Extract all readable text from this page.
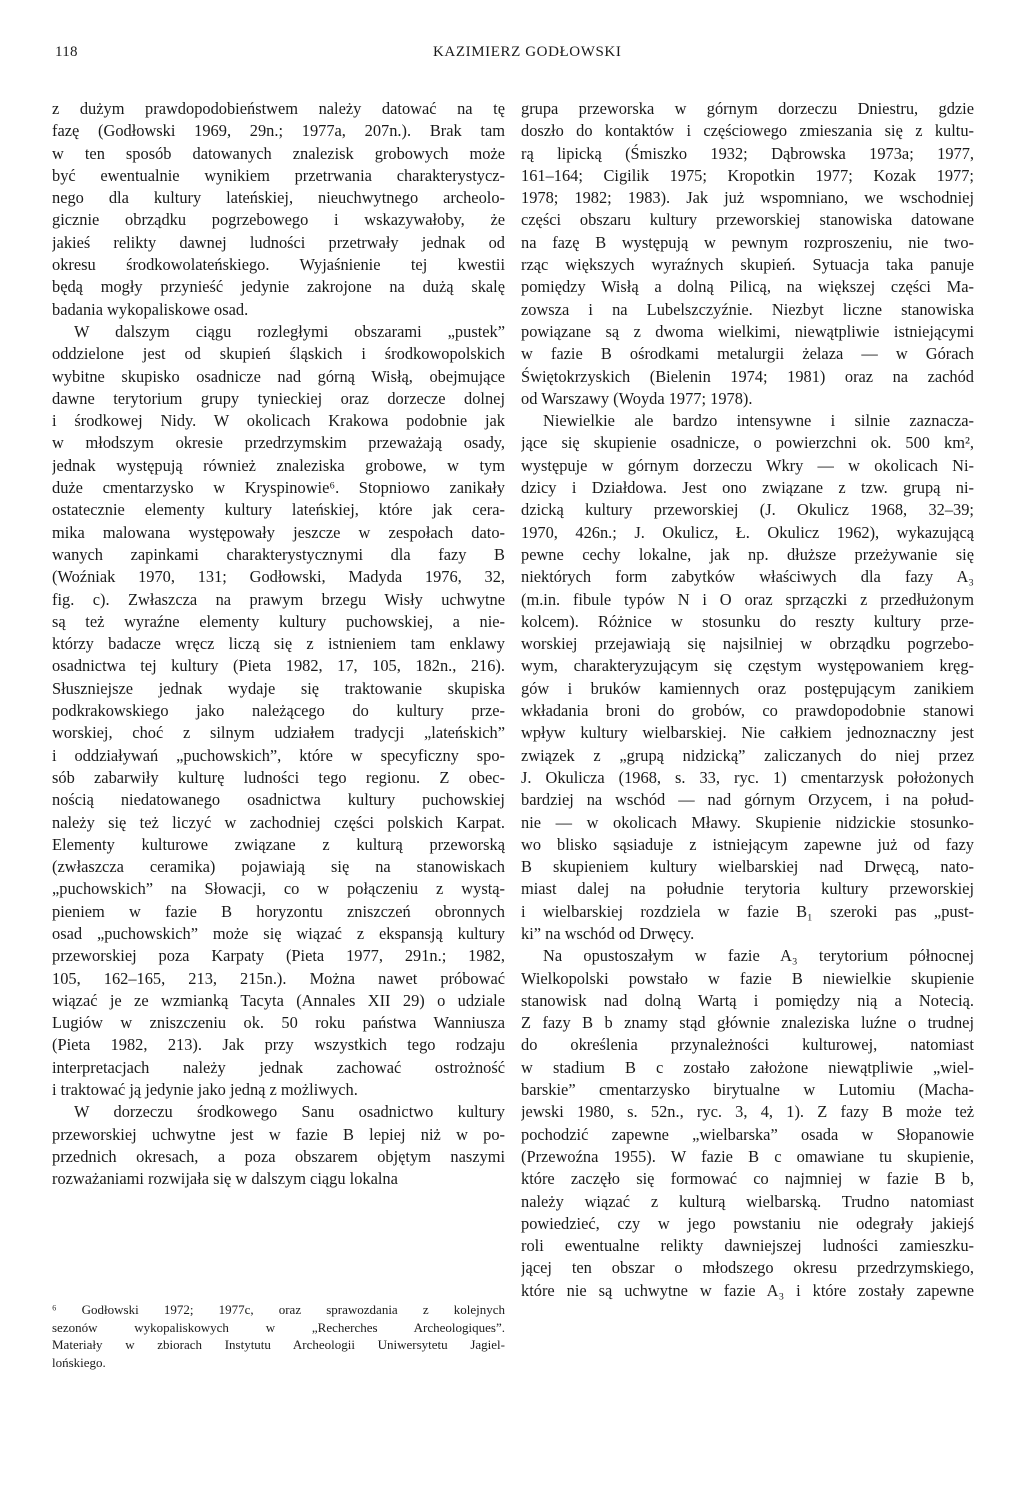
118	KAZIMIERZ GODŁOWSKI
z dużym prawdopodobieństwem należy datować na tę
fazę (Godłowski 1969, 29n.; 1977a, 207n.). Brak tam
w ten sposób datowanych znalezisk grobowych może
być ewentualnie wynikiem przetrwania charakterystycz-
nego dla kultury lateńskiej, nieuchwytnego archeolo-
gicznie obrządku pogrzebowego i wskazywałoby, że
jakieś relikty dawnej ludności przetrwały jednak od
okresu środkowolateńskiego. Wyjaśnienie tej kwestii
będą mogły przynieść jedynie zakrojone na dużą skalę
badania wykopaliskowe osad.
W dalszym ciągu rozległymi obszarami „pustek”
oddzielone jest od skupień śląskich i środkowopolskich
wybitne skupisko osadnicze nad górną Wisłą, obejmujące
dawne terytorium grupy tynieckiej oraz dorzecze dolnej
i środkowej Nidy. W okolicach Krakowa podobnie jak
w młodszym okresie przedrzymskim przeważają osady,
jednak występują również znaleziska grobowe, w tym
duże cmentarzysko w Kryspinowie⁶. Stopniowo zanikały
ostatecznie elementy kultury lateńskiej, które jak cera-
mika malowana występowały jeszcze w zespołach dato-
wanych zapinkami charakterystycznymi dla fazy B
(Woźniak 1970, 131; Godłowski, Madyda 1976, 32,
fig. c). Zwłaszcza na prawym brzegu Wisły uchwytne
są też wyraźne elementy kultury puchowskiej, a nie-
którzy badacze wręcz liczą się z istnieniem tam enklawy
osadnictwa tej kultury (Pieta 1982, 17, 105, 182n., 216).
Słuszniejsze jednak wydaje się traktowanie skupiska
podkrakowskiego jako należącego do kultury prze-
worskiej, choć z silnym udziałem tradycji „lateńskich”
i oddziaływań „puchowskich”, które w specyficzny spo-
sób zabarwiły kulturę ludności tego regionu. Z obec-
nością niedatowanego osadnictwa kultury puchowskiej
należy się też liczyć w zachodniej części polskich Karpat.
Elementy kulturowe związane z kulturą przeworską
(zwłaszcza ceramika) pojawiają się na stanowiskach
„puchowskich” na Słowacji, co w połączeniu z wystą-
pieniem w fazie B horyzontu zniszczeń obronnych
osad „puchowskich” może się wiązać z ekspansją kultury
przeworskiej poza Karpaty (Pieta 1977, 291n.; 1982,
105, 162–165, 213, 215n.). Można nawet próbować
wiązać je ze wzmianką Tacyta (Annales XII 29) o udziale
Lugiów w zniszczeniu ok. 50 roku państwa Wanniusza
(Pieta 1982, 213). Jak przy wszystkich tego rodzaju
interpretacjach należy jednak zachować ostrożność
i traktować ją jedynie jako jedną z możliwych.
W dorzeczu środkowego Sanu osadnictwo kultury
przeworskiej uchwytne jest w fazie B lepiej niż w po-
przednich okresach, a poza obszarem objętym naszymi
rozważaniami rozwijała się w dalszym ciągu lokalna
grupa przeworska w górnym dorzeczu Dniestru, gdzie
doszło do kontaktów i częściowego zmieszania się z kultu-
rą lipicką (Śmiszko 1932; Dąbrowska 1973a; 1977,
161–164; Cigilik 1975; Kropotkin 1977; Kozak 1977;
1978; 1982; 1983). Jak już wspomniano, we wschodniej
części obszaru kultury przeworskiej stanowiska datowane
na fazę B występują w pewnym rozproszeniu, nie two-
rząc większych wyraźnych skupień. Sytuacja taka panuje
pomiędzy Wisłą a dolną Pilicą, na większej części Ma-
zowsza i na Lubelszczyźnie. Niezbyt liczne stanowiska
powiązane są z dwoma wielkimi, niewątpliwie istniejącymi
w fazie B ośrodkami metalurgii żelaza — w Górach
Świętokrzyskich (Bielenin 1974; 1981) oraz na zachód
od Warszawy (Woyda 1977; 1978).
Niewielkie ale bardzo intensywne i silnie zaznacza-
jące się skupienie osadnicze, o powierzchni ok. 500 km²,
występuje w górnym dorzeczu Wkry — w okolicach Ni-
dzicy i Działdowa. Jest ono związane z tzw. grupą ni-
dzicką kultury przeworskiej (J. Okulicz 1968, 32–39;
1970, 426n.; J. Okulicz, Ł. Okulicz 1962), wykazującą
pewne cechy lokalne, jak np. dłuższe przeżywanie się
niektórych form zabytków właściwych dla fazy A₃
(m.in. fibule typów N i O oraz sprzączki z przedłużonym
kolcem). Różnice w stosunku do reszty kultury prze-
worskiej przejawiają się najsilniej w obrządku pogrzebo-
wym, charakteryzującym się częstym występowaniem kręg-
gów i bruków kamiennych oraz postępującym zanikiem
wkładania broni do grobów, co prawdopodobnie stanowi
wpływ kultury wielbarskiej. Nie całkiem jednoznaczny jest
związek z „grupą nidzicką” zaliczanych do niej przez
J. Okulicza (1968, s. 33, ryc. 1) cmentarzysk położonych
bardziej na wschód — nad górnym Orzycem, i na połud-
nie — w okolicach Mławy. Skupienie nidzickie stosunko-
wo blisko sąsiaduje z istniejącym zapewne już od fazy
B skupieniem kultury wielbarskiej nad Drwęcą, nato-
miast dalej na południe terytoria kultury przeworskiej
i wielbarskiej rozdziela w fazie B₁ szeroki pas „pust-
ki” na wschód od Drwęcy.
Na opustoszałym w fazie A₃ terytorium północnej
Wielkopolski powstało w fazie B niewielkie skupienie
stanowisk nad dolną Wartą i pomiędzy nią a Notecią.
Z fazy B b znamy stąd głównie znaleziska luźne o trudnej
do określenia przynależności kulturowej, natomiast
w stadium B c zostało założone niewątpliwie „wiel-
barskie” cmentarzysko birytualne w Lutomiu (Macha-
jewski 1980, s. 52n., ryc. 3, 4, 1). Z fazy B może też
pochodzić zapewne „wielbarska” osada w Słopanowie
(Przewoźna 1955). W fazie B c omawiane tu skupienie,
które zaczęło się formować co najmniej w fazie B b,
należy wiązać z kulturą wielbarską. Trudno natomiast
powiedzieć, czy w jego powstaniu nie odegrały jakiejś
roli ewentualne relikty dawniejszej ludności zamieszku-
jącej ten obszar o młodszego okresu przedrzymskiego,
które nie są uchwytne w fazie A₃ i które zostały zapewne
⁶ Godłowski 1972; 1977c, oraz sprawozdania z kolejnych
sezonów wykopaliskowych w „Recherches Archeologiques”.
Materiały w zbiorach Instytutu Archeologii Uniwersytetu Jagiel-
lońskiego.
